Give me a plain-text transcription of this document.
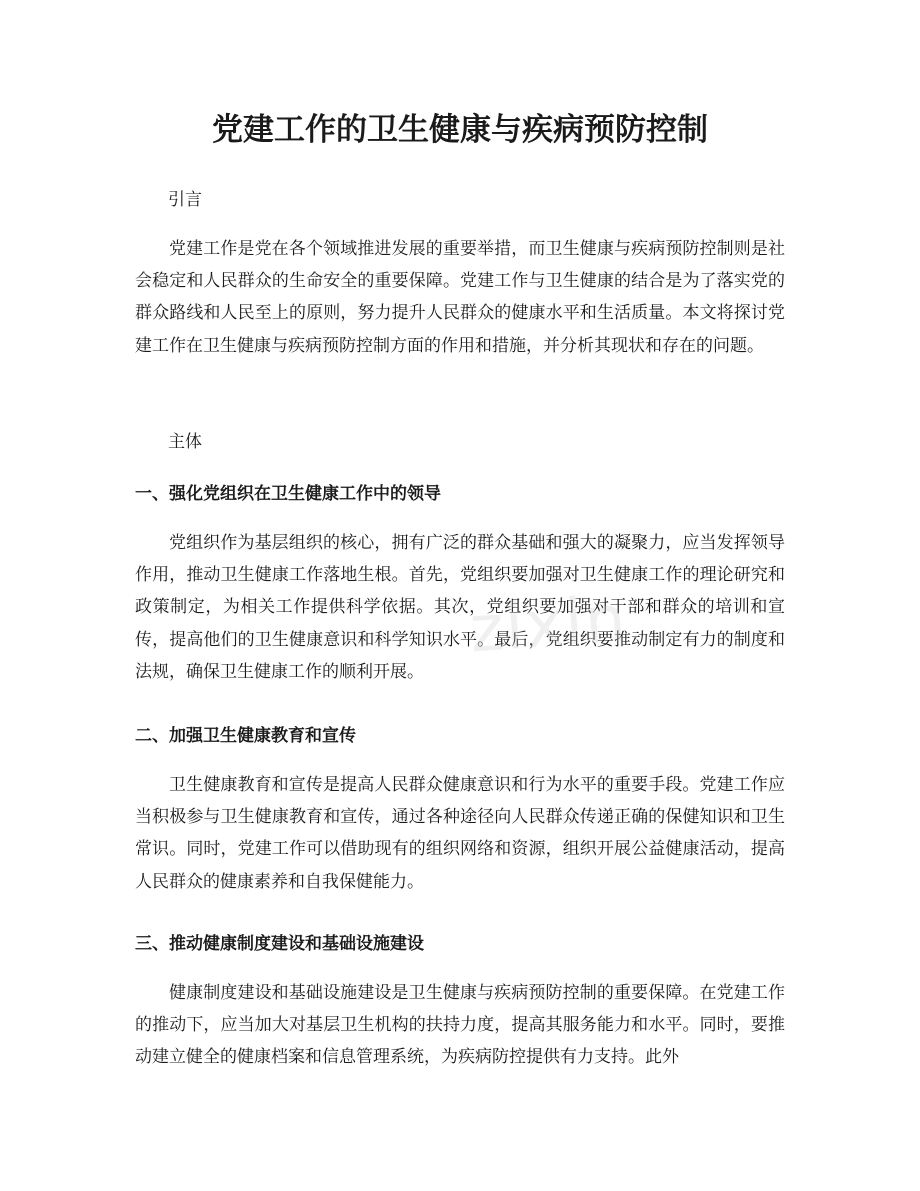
党建工作的卫生健康与疾病预防控制

引言

党建工作是党在各个领域推进发展的重要举措，而卫生健康与疾病预防控制则是社会稳定和人民群众的生命安全的重要保障。党建工作与卫生健康的结合是为了落实党的群众路线和人民至上的原则，努力提升人民群众的健康水平和生活质量。本文将探讨党建工作在卫生健康与疾病预防控制方面的作用和措施，并分析其现状和存在的问题。

主体

一、强化党组织在卫生健康工作中的领导

党组织作为基层组织的核心，拥有广泛的群众基础和强大的凝聚力，应当发挥领导作用，推动卫生健康工作落地生根。首先，党组织要加强对卫生健康工作的理论研究和政策制定，为相关工作提供科学依据。其次，党组织要加强对干部和群众的培训和宣传，提高他们的卫生健康意识和科学知识水平。最后，党组织要推动制定有力的制度和法规，确保卫生健康工作的顺利开展。

二、加强卫生健康教育和宣传

卫生健康教育和宣传是提高人民群众健康意识和行为水平的重要手段。党建工作应当积极参与卫生健康教育和宣传，通过各种途径向人民群众传递正确的保健知识和卫生常识。同时，党建工作可以借助现有的组织网络和资源，组织开展公益健康活动，提高人民群众的健康素养和自我保健能力。

三、推动健康制度建设和基础设施建设

健康制度建设和基础设施建设是卫生健康与疾病预防控制的重要保障。在党建工作的推动下，应当加大对基层卫生机构的扶持力度，提高其服务能力和水平。同时，要推动建立健全的健康档案和信息管理系统，为疾病防控提供有力支持。此外

zixin
